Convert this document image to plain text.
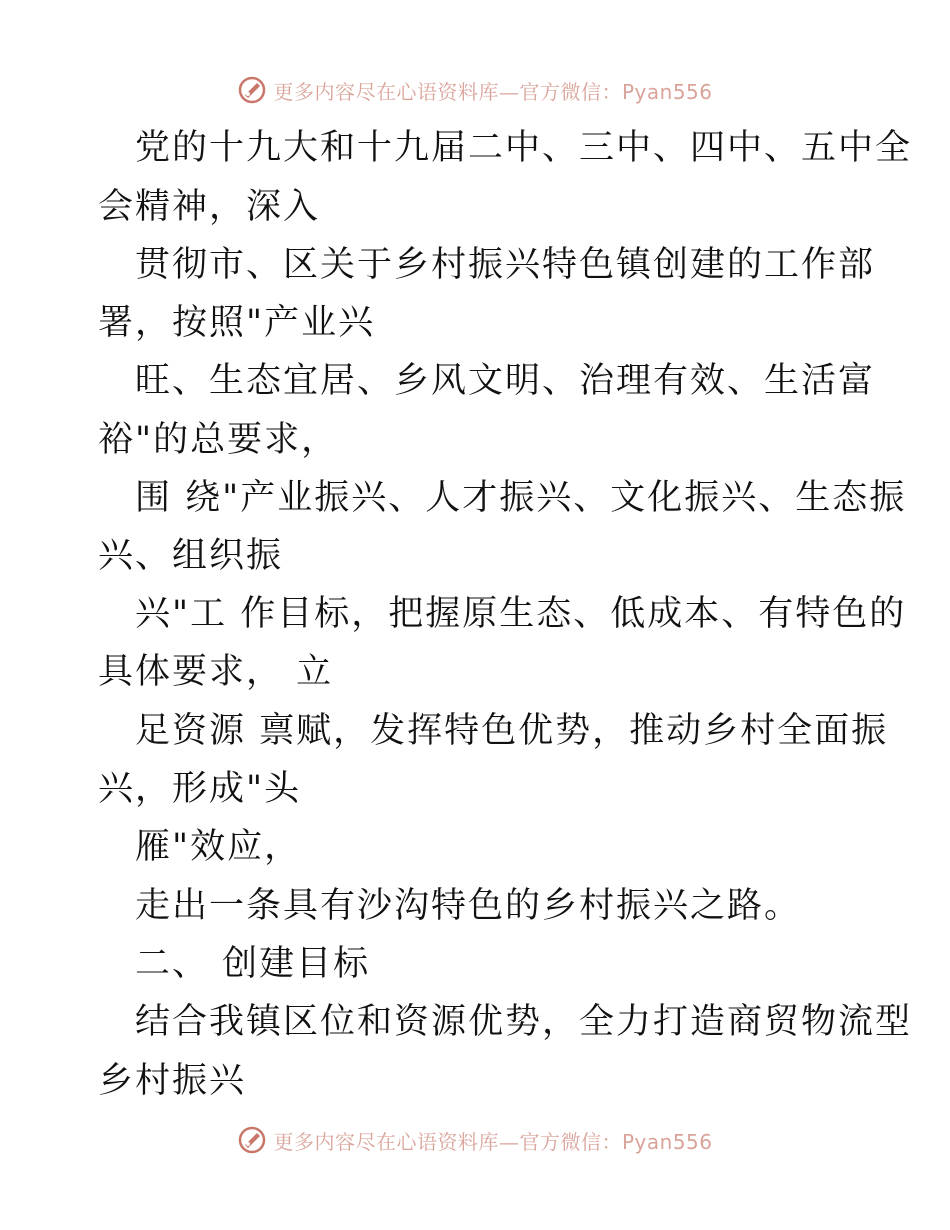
更多内容尽在心语资料库—官方微信：Pyan556
党的十九大和十九届二中、三中、四中、五中全
会精神，深入
贯彻市、区关于乡村振兴特色镇创建的工作部
署，按照"产业兴
旺、生态宜居、乡风文明、治理有效、生活富
裕"的总要求，
围 绕"产业振兴、人才振兴、文化振兴、生态振
兴、组织振
兴"工 作目标，把握原生态、低成本、有特色的
具体要求， 立
足资源 禀赋，发挥特色优势，推动乡村全面振
兴，形成"头
雁"效应，
走出一条具有沙沟特色的乡村振兴之路。
二、 创建目标
结合我镇区位和资源优势，全力打造商贸物流型
乡村振兴
更多内容尽在心语资料库—官方微信：Pyan556
